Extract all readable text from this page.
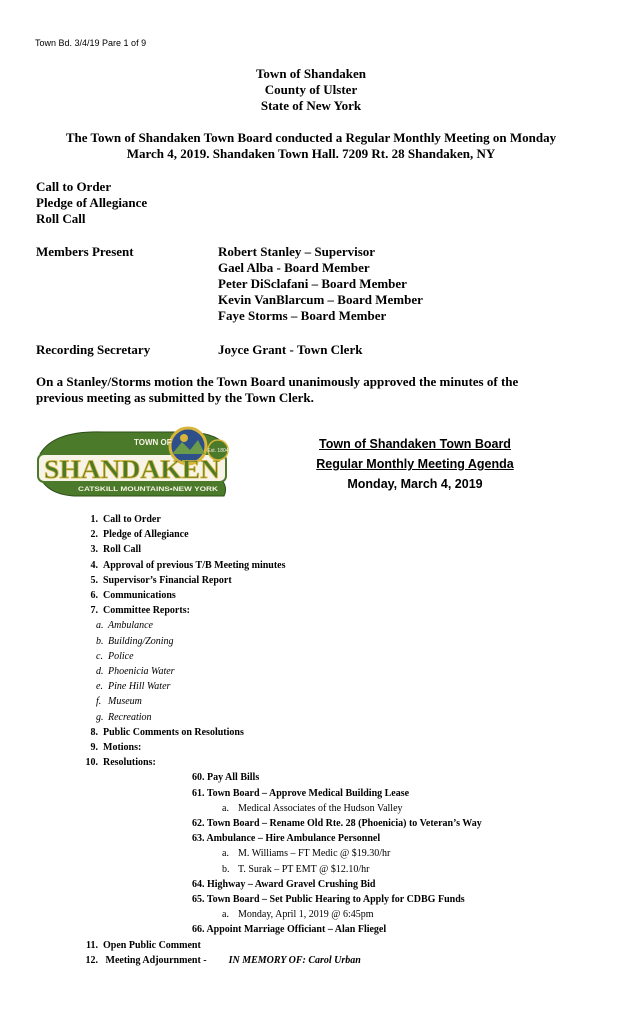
Town Bd. 3/4/19 Pare 1 of 9
Town of Shandaken
County of Ulster
State of New York
The Town of Shandaken Town Board conducted a Regular Monthly Meeting on Monday
March 4, 2019. Shandaken Town Hall. 7209 Rt. 28 Shandaken, NY
Call to Order
Pledge of Allegiance
Roll Call
Members Present	Robert Stanley – Supervisor
Gael Alba - Board Member
Peter DiSclafani – Board Member
Kevin VanBlarcum – Board Member
Faye Storms – Board Member
Recording Secretary	Joyce Grant - Town Clerk
On a Stanley/Storms motion the Town Board unanimously approved the minutes of the
previous meeting as submitted by the Town Clerk.
Est. 1804
TOWN OF
SHANDAKEN
CATSKILL MOUNTAINS•NEW YORK
Town of Shandaken Town Board
Regular Monthly Meeting Agenda
Monday, March 4, 2019
1. Call to Order
2. Pledge of Allegiance
3. Roll Call
4. Approval of previous T/B Meeting minutes
5. Supervisor’s Financial Report
6. Communications
7. Committee Reports:
a. Ambulance
b. Building/Zoning
c. Police
d. Phoenicia Water
e. Pine Hill Water
f. Museum
g. Recreation
8. Public Comments on Resolutions
9. Motions:
10. Resolutions:
60. Pay All Bills
61. Town Board – Approve Medical Building Lease
a. Medical Associates of the Hudson Valley
62. Town Board – Rename Old Rte. 28 (Phoenicia) to Veteran’s Way
63. Ambulance – Hire Ambulance Personnel
a. M. Williams – FT Medic @ $19.30/hr
b. T. Surak – PT EMT @ $12.10/hr
64. Highway – Award Gravel Crushing Bid
65. Town Board – Set Public Hearing to Apply for CDBG Funds
a. Monday, April 1, 2019 @ 6:45pm
66. Appoint Marriage Officiant – Alan Fliegel
11. Open Public Comment
12. Meeting Adjournment - IN MEMORY OF: Carol Urban
